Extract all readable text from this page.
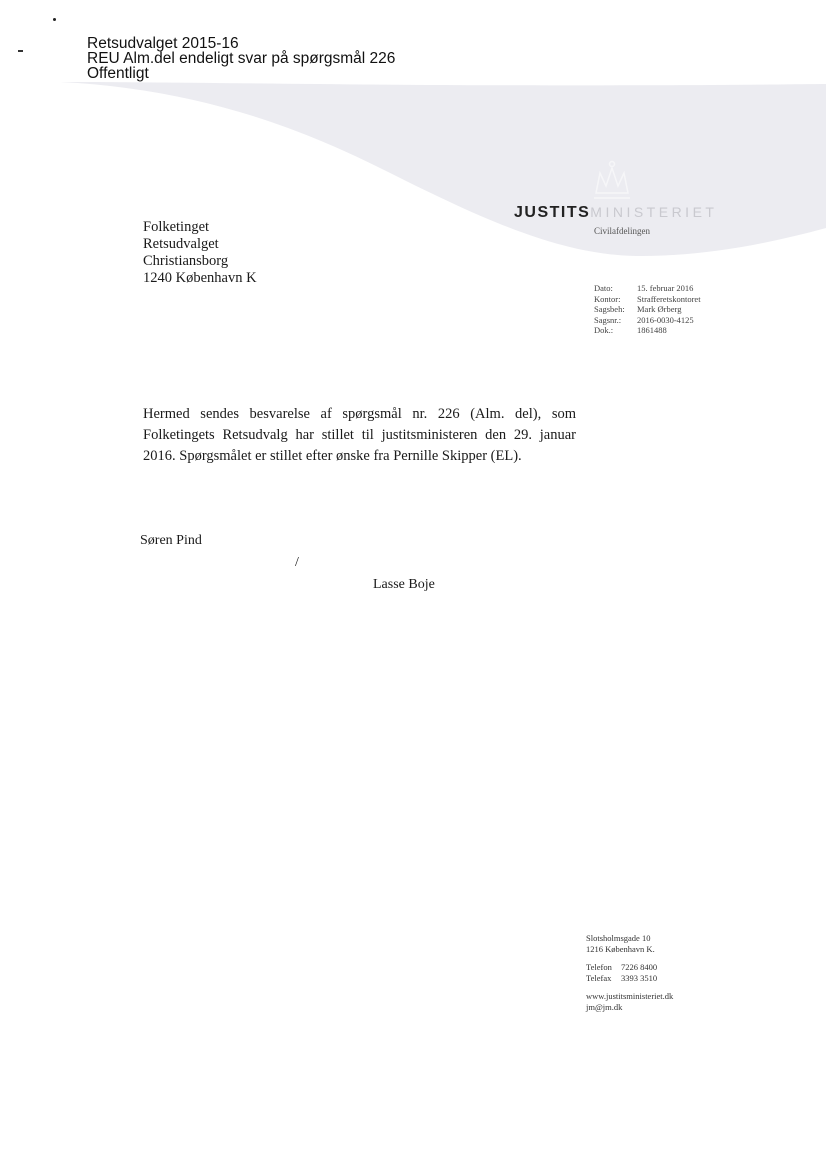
Retsudvalget 2015-16
REU Alm.del endeligt svar på spørgsmål 226
Offentligt
Folketinget
Retsudvalget
Christiansborg
1240 København K
JUSTITSMINISTERIET
Civilafdelingen
Dato:	15. februar 2016
Kontor:	Strafferetskontoret
Sagsbeh:	Mark Ørberg
Sagsnr.:	2016-0030-4125
Dok.:	1861488
Hermed sendes besvarelse af spørgsmål nr. 226 (Alm. del), som Folketingets Retsudvalg har stillet til justitsministeren den 29. januar 2016. Spørgsmålet er stillet efter ønske fra Pernille Skipper (EL).
Søren Pind
/
Lasse Boje
Slotsholmsgade 10
1216 København K.
Telefon	7226 8400
Telefax	3393 3510
www.justitsministeriet.dk
jm@jm.dk
